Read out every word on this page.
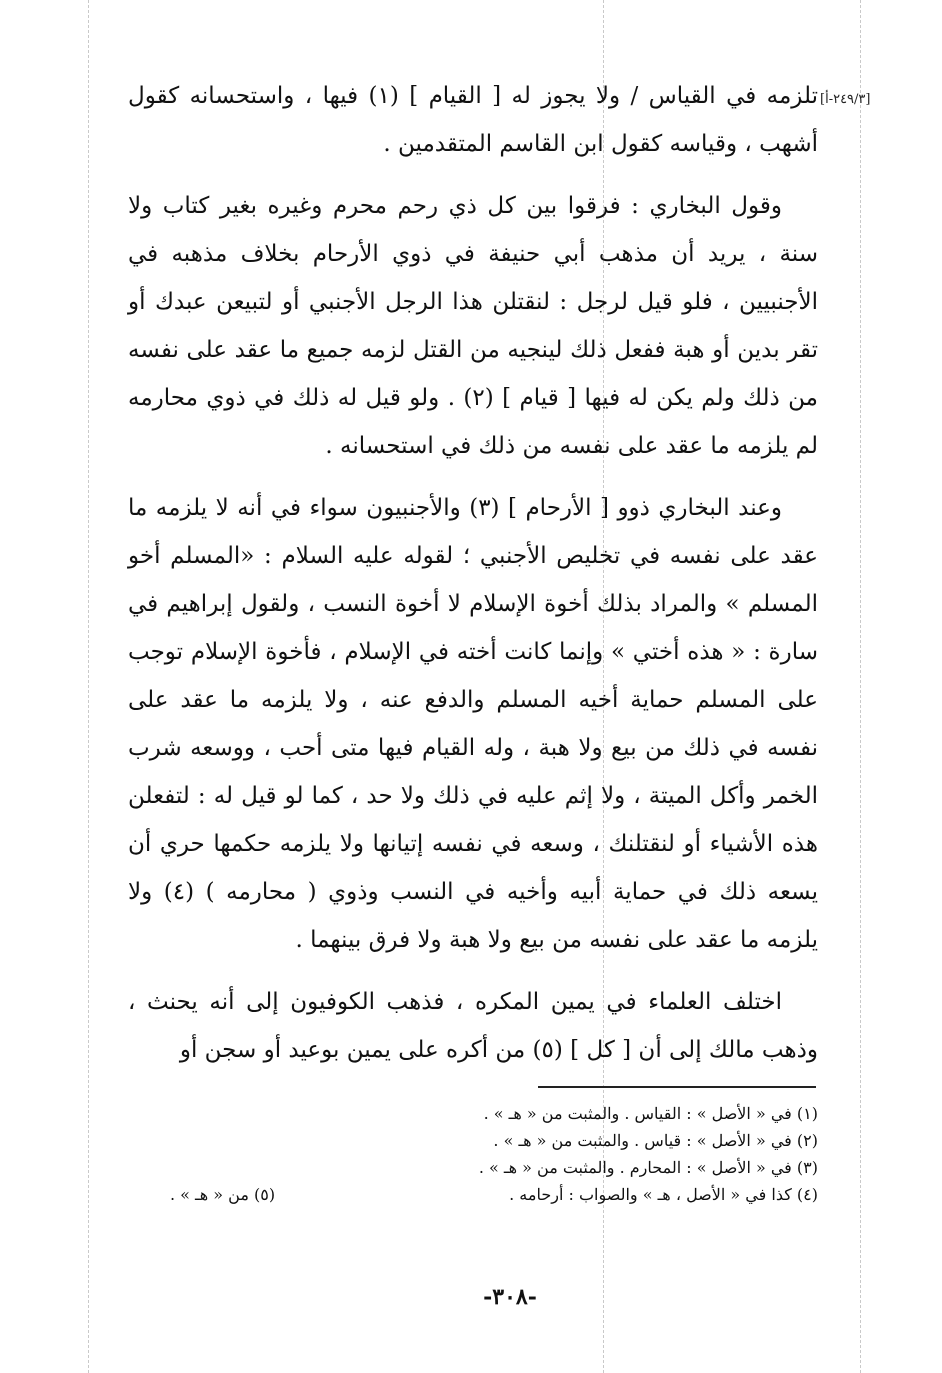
[٢٤٩/٣-أ]

تلزمه في القياس / ولا يجوز له [ القيام ] (١) فيها ، واستحسانه كقول أشهب ، وقياسه كقول ابن القاسم المتقدمين .

وقول البخاري : فرقوا بين كل ذي رحم محرم وغيره بغير كتاب ولا سنة ، يريد أن مذهب أبي حنيفة في ذوي الأرحام بخلاف مذهبه في الأجنبيين ، فلو قيل لرجل : لنقتلن هذا الرجل الأجنبي أو لتبيعن عبدك أو تقر بدين أو هبة ففعل ذلك لينجيه من القتل لزمه جميع ما عقد على نفسه من ذلك ولم يكن له فيها [ قيام ] (٢) . ولو قيل له ذلك في ذوي محارمه لم يلزمه ما عقد على نفسه من ذلك في استحسانه .

وعند البخاري ذوو [ الأرحام ] (٣) والأجنبيون سواء في أنه لا يلزمه ما عقد على نفسه في تخليص الأجنبي ؛ لقوله عليه السلام : «المسلم أخو المسلم » والمراد بذلك أخوة الإسلام لا أخوة النسب ، ولقول إبراهيم في سارة : « هذه أختي » وإنما كانت أخته في الإسلام ، فأخوة الإسلام توجب على المسلم حماية أخيه المسلم والدفع عنه ، ولا يلزمه ما عقد على نفسه في ذلك من بيع ولا هبة ، وله القيام فيها متى أحب ، ووسعه شرب الخمر وأكل الميتة ، ولا إثم عليه في ذلك ولا حد ، كما لو قيل له : لتفعلن هذه الأشياء أو لنقتلنك ، وسعه في نفسه إتيانها ولا يلزمه حكمها حري أن يسعه ذلك في حماية أبيه وأخيه في النسب وذوي ( محارمه ) (٤) ولا يلزمه ما عقد على نفسه من بيع ولا هبة ولا فرق بينهما .

اختلف العلماء في يمين المكره ، فذهب الكوفيون إلى أنه يحنث ، وذهب مالك إلى أن [ كل ] (٥) من أكره على يمين بوعيد أو سجن أو

(١) في « الأصل » : القياس . والمثبت من « هـ » .
(٢) في « الأصل » : قياس . والمثبت من « هـ » .
(٣) في « الأصل » : المحارم . والمثبت من « هـ » .
(٤) كذا في « الأصل ، هـ » والصواب : أرحامه .
(٥) من « هـ » .
-٣٠٨-
